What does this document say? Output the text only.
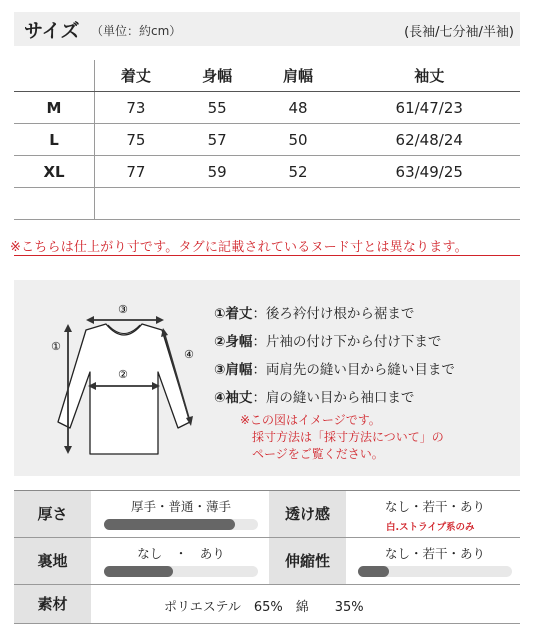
サイズ （単位：約cm）	(長袖/七分袖/半袖)
	着丈	身幅	肩幅	袖丈
M	73	55	48	61/47/23
L	75	57	50	62/48/24
XL	77	59	52	63/49/25

※こちらは仕上がり寸です。タグに記載されているヌード寸とは異なります。
①
②
③
④
①着丈：後ろ衿付け根から裾まで
②身幅：片袖の付け下から付け下まで
③肩幅：両肩先の縫い目から縫い目まで
④袖丈：肩の縫い目から袖口まで
※この図はイメージです。
採寸方法は「採寸方法について」の
ページをご覧ください。
厚さ	厚手・普通・薄手	透け感	なし・若干・あり
白.ストライプ系のみ
裏地	なし　・　あり	伸縮性	なし・若干・あり
素材	ポリエステル　65%　綿　　35%
